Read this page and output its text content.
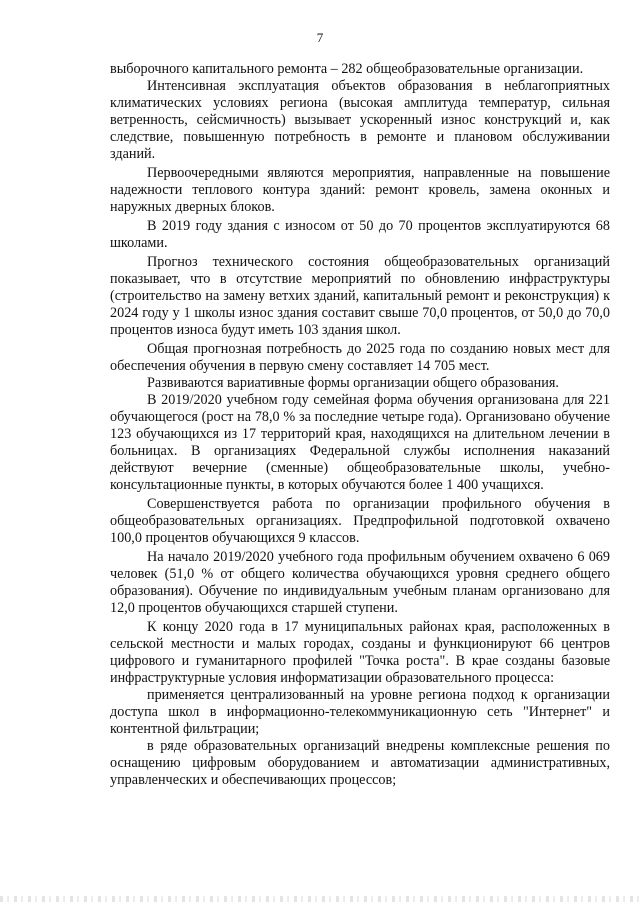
7

выборочного капитального ремонта – 282 общеобразовательные организации.

Интенсивная эксплуатация объектов образования в неблагоприятных климатических условиях региона (высокая амплитуда температур, сильная ветренность, сейсмичность) вызывает ускоренный износ конструкций и, как следствие, повышенную потребность в ремонте и плановом обслуживании зданий.

Первоочередными являются мероприятия, направленные на повышение надежности теплового контура зданий: ремонт кровель, замена оконных и наружных дверных блоков.

В 2019 году здания с износом от 50 до 70 процентов эксплуатируются 68 школами.

Прогноз технического состояния общеобразовательных организаций показывает, что в отсутствие мероприятий по обновлению инфраструктуры (строительство на замену ветхих зданий, капитальный ремонт и реконструкция) к 2024 году у 1 школы износ здания составит свыше 70,0 процентов, от 50,0 до 70,0 процентов износа будут иметь 103 здания школ.

Общая прогнозная потребность до 2025 года по созданию новых мест для обеспечения обучения в первую смену составляет 14 705 мест.

Развиваются вариативные формы организации общего образования.

В 2019/2020 учебном году семейная форма обучения организована для 221 обучающегося (рост на 78,0 % за последние четыре года). Организовано обучение 123 обучающихся из 17 территорий края, находящихся на длительном лечении в больницах. В организациях Федеральной службы исполнения наказаний действуют вечерние (сменные) общеобразовательные школы, учебно-консультационные пункты, в которых обучаются более 1 400 учащихся.

Совершенствуется работа по организации профильного обучения в общеобразовательных организациях. Предпрофильной подготовкой охвачено 100,0 процентов обучающихся 9 классов.

На начало 2019/2020 учебного года профильным обучением охвачено 6 069 человек (51,0 % от общего количества обучающихся уровня среднего общего образования). Обучение по индивидуальным учебным планам организовано для 12,0 процентов обучающихся старшей ступени.

К концу 2020 года в 17 муниципальных районах края, расположенных в сельской местности и малых городах, созданы и функционируют 66 центров цифрового и гуманитарного профилей "Точка роста". В крае созданы базовые инфраструктурные условия информатизации образовательного процесса:

применяется централизованный на уровне региона подход к организации доступа школ в информационно-телекоммуникационную сеть "Интернет" и контентной фильтрации;

в ряде образовательных организаций внедрены комплексные решения по оснащению цифровым оборудованием и автоматизации административных, управленческих и обеспечивающих процессов;
